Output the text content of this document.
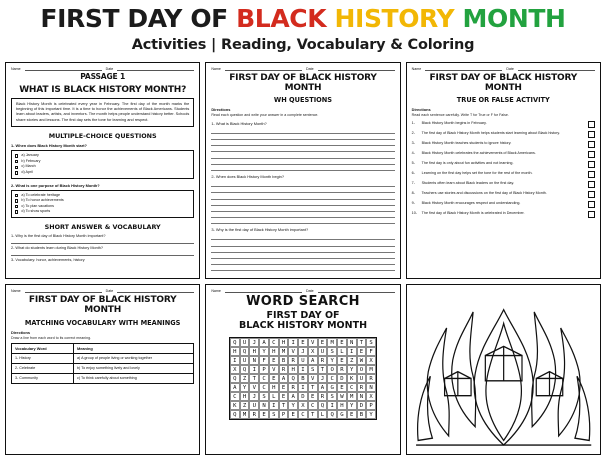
FIRST DAY OF BLACK HISTORY MONTH
Activities | Reading, Vocabulary & Coloring
Name	Date
PASSAGE 1
WHAT IS BLACK HISTORY MONTH?
Black History Month is celebrated every year in February. The first day of the month marks the beginning of this important time. It is a time to honor the achievements of Black Americans. Students learn about leaders, artists, and inventors. The month helps people understand history better. Schools share stories and lessons. The first day sets the tone for learning and respect.
MULTIPLE-CHOICE QUESTIONS
1- When does Black History Month start?
a) January
b) February
c) March
d) April
2- What is one purpose of Black History Month?
a) To celebrate heritage
b) To honor achievements
c) To plan vacations
d) To show sports
SHORT ANSWER & VOCABULARY
1- Why is the first day of Black History Month important?
2- What do students learn during Black History Month?
3- Vocabulary: honor, achievements, history
Name	Date
FIRST DAY OF BLACK HISTORY MONTH
WH QUESTIONS
Directions
Read each question and write your answer in a complete sentence.
1- What is Black History Month?
2- When does Black History Month begin?
3- Why is the first day of Black History Month important?
Name	Date
FIRST DAY OF BLACK HISTORY MONTH
TRUE OR FALSE ACTIVITY
Directions
Read each sentence carefully. Write T for True or F for False.
1-	Black History Month begins in February.
2-	The first day of Black History Month helps students start learning about Black history.
3-	Black History Month teaches students to ignore history.
4-	Black History Month celebrates the achievements of Black Americans.
5-	The first day is only about fun activities and not learning.
6-	Learning on the first day helps set the tone for the rest of the month.
7-	Students often learn about Black leaders on the first day.
8-	Teachers use stories and discussions on the first day of Black History Month.
9-	Black History Month encourages respect and understanding.
10- The first day of Black History Month is celebrated in December.
Name	Date
FIRST DAY OF BLACK HISTORY MONTH
MATCHING VOCABULARY WITH MEANINGS
Directions
Draw a line from each word to its correct meaning.
Vocabulary Word	Meaning
1- History	a) A group of people living or working together
2- Celebrate	b) To enjoy something lively and lovely
3- Community	c) To think carefully about something
Name	Date
WORD SEARCH
FIRST DAY OF
BLACK HISTORY MONTH
Q	U	J	A	C	H	I	E	V	E	M	E	N	T	S
H	Q	H	Y	H	M	V	J	X	U	S	L	I	E	F
I	U	N	F	E	B	R	U	A	R	Y	E	Z	W	X
X	Q	I	P	V	R	H	I	S	T	O	R	Y	O	M
Q	Z	T	C	E	A	Q	B	V	J	C	D	K	U	R
A	Y	V	C	H	E	R	I	T	A	G	E	C	R	N
C	H	J	S	L	E	A	D	E	R	S	W	M	N	X
K	Z	U	N	I	T	Y	X	C	Q	I	H	Y	D	P
Q	M	R	E	S	P	E	C	T	L	Q	G	E	B	Y
